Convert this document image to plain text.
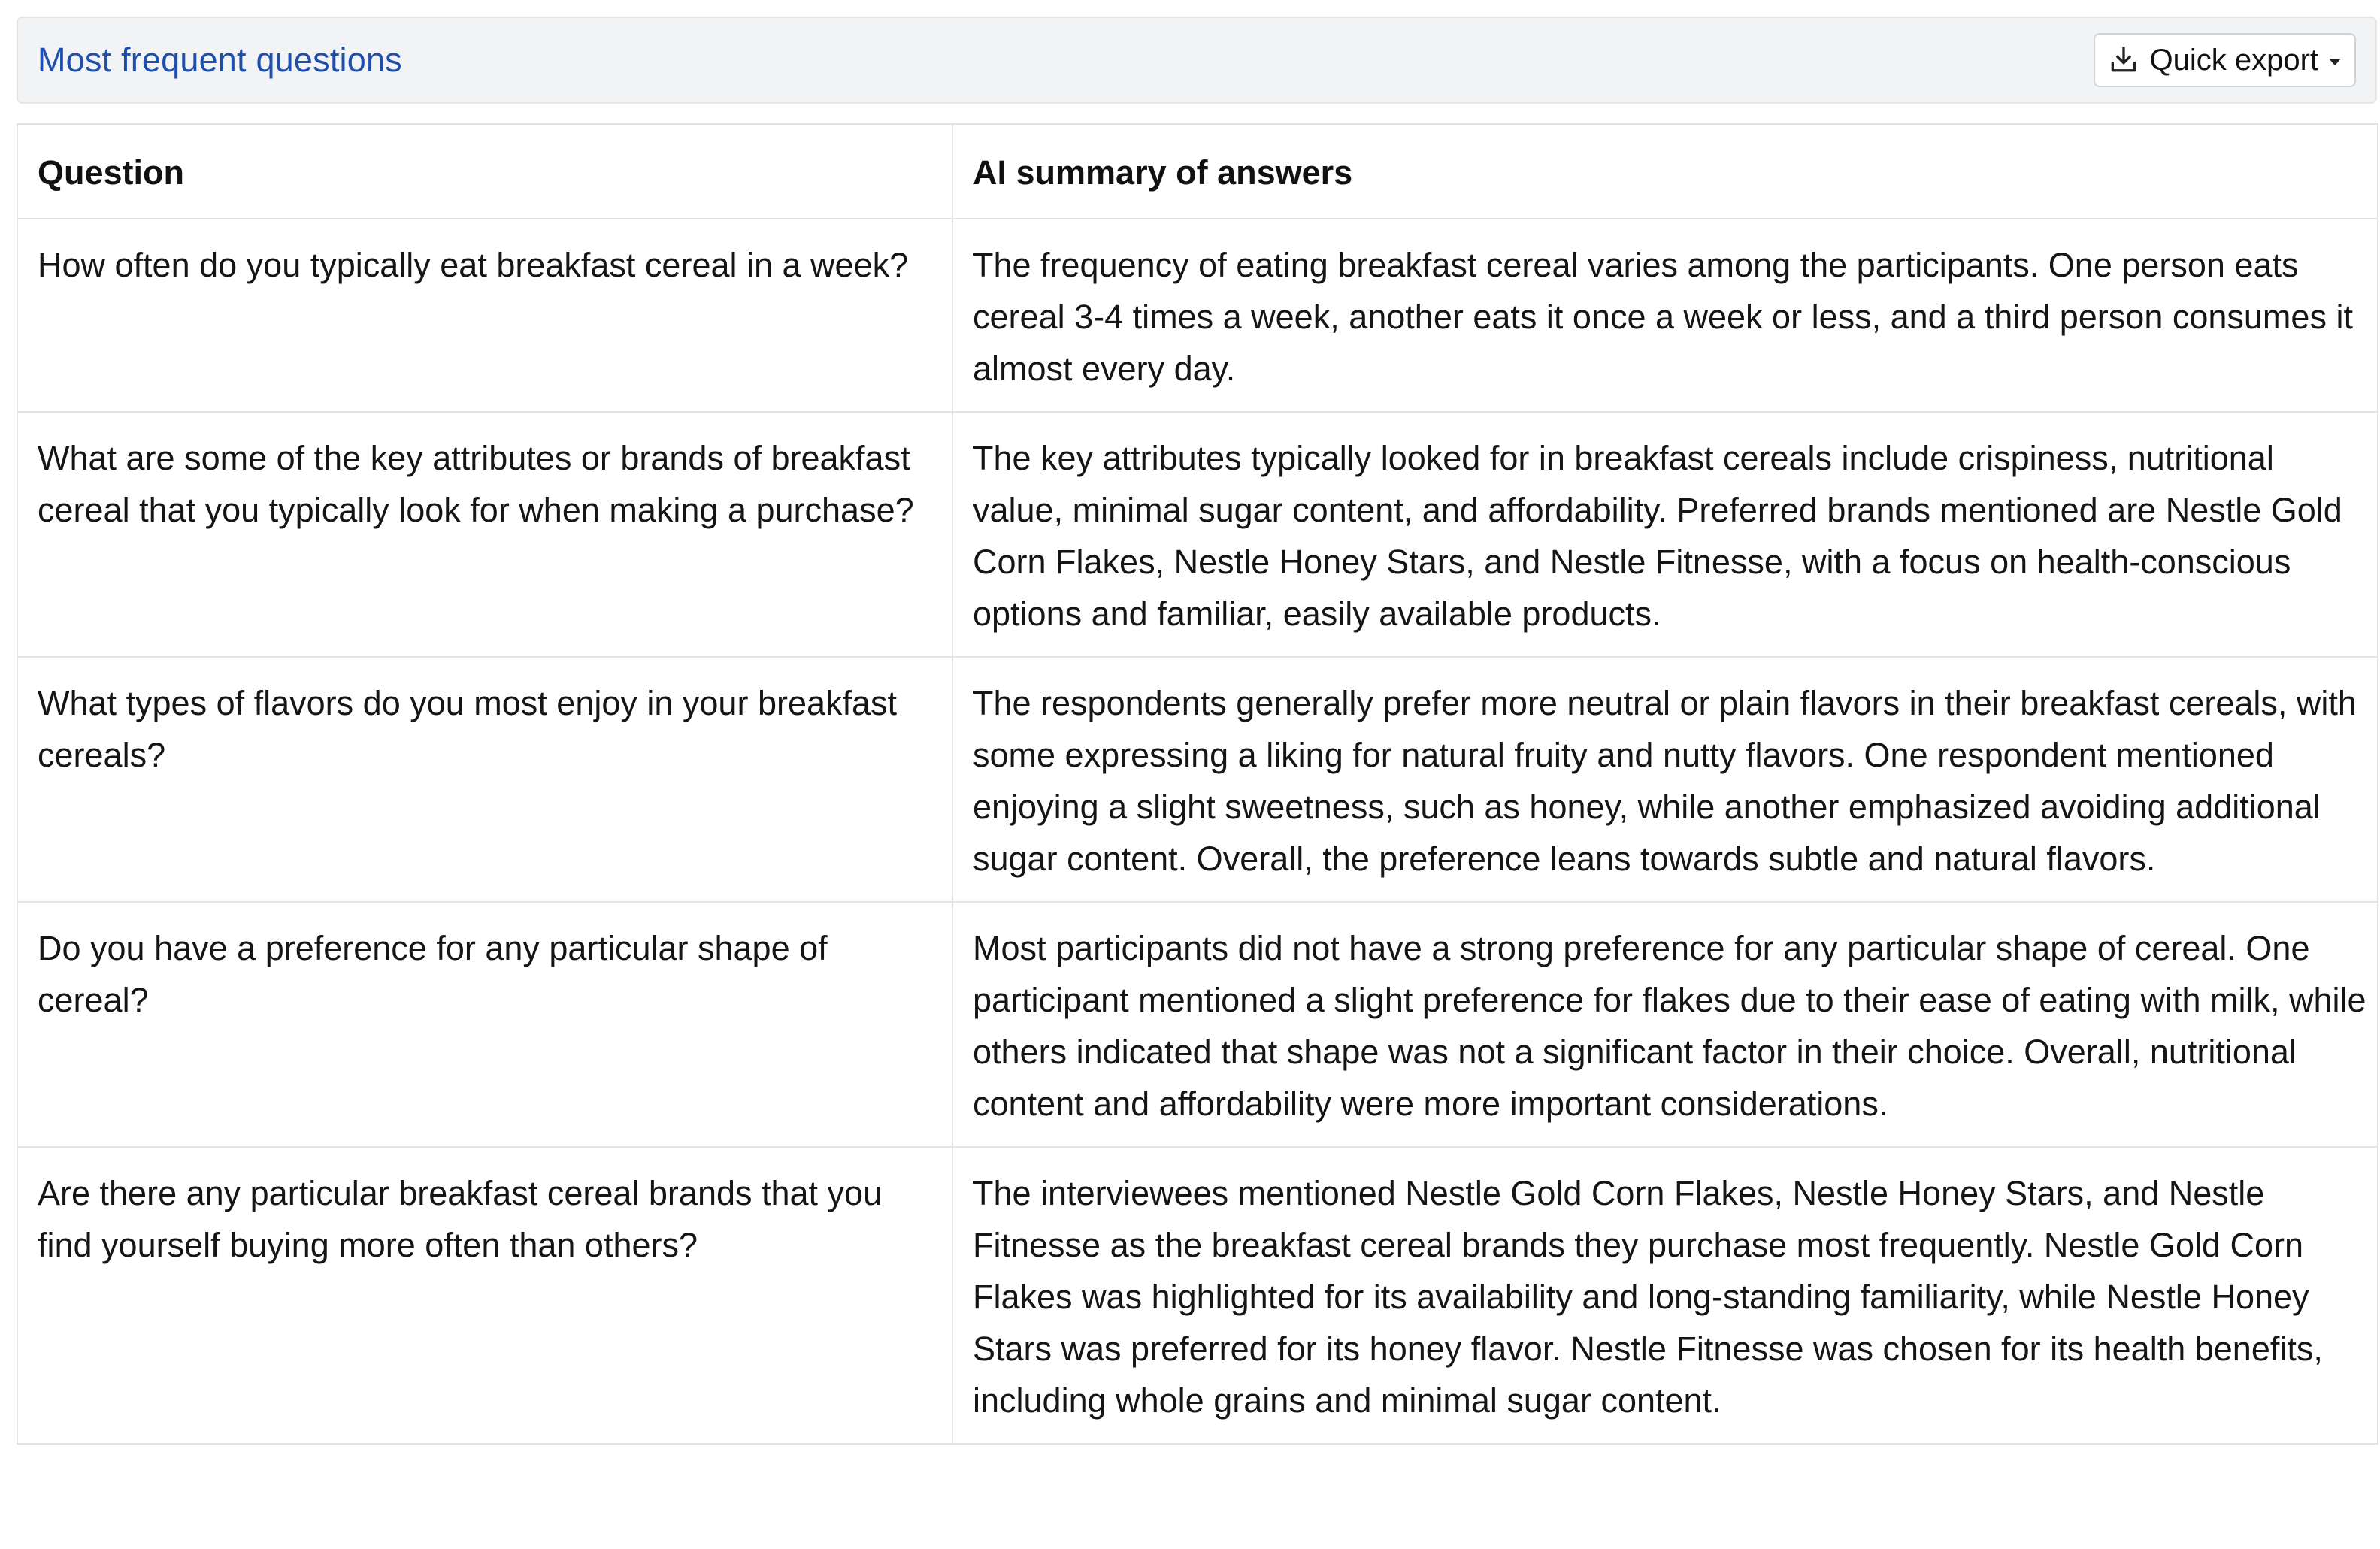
Most frequent questions	Quick export
Question	AI summary of answers
How often do you typically eat breakfast cereal in a week?	The frequency of eating breakfast cereal varies among the participants. One person eats cereal 3-4 times a week, another eats it once a week or less, and a third person consumes it almost every day.
What are some of the key attributes or brands of breakfast cereal that you typically look for when making a purchase?	The key attributes typically looked for in breakfast cereals include crispiness, nutritional value, minimal sugar content, and affordability. Preferred brands mentioned are Nestle Gold Corn Flakes, Nestle Honey Stars, and Nestle Fitnesse, with a focus on health-conscious options and familiar, easily available products.
What types of flavors do you most enjoy in your breakfast cereals?	The respondents generally prefer more neutral or plain flavors in their breakfast cereals, with some expressing a liking for natural fruity and nutty flavors. One respondent mentioned enjoying a slight sweetness, such as honey, while another emphasized avoiding additional sugar content. Overall, the preference leans towards subtle and natural flavors.
Do you have a preference for any particular shape of cereal?	Most participants did not have a strong preference for any particular shape of cereal. One participant mentioned a slight preference for flakes due to their ease of eating with milk, while others indicated that shape was not a significant factor in their choice. Overall, nutritional content and affordability were more important considerations.
Are there any particular breakfast cereal brands that you find yourself buying more often than others?	The interviewees mentioned Nestle Gold Corn Flakes, Nestle Honey Stars, and Nestle Fitnesse as the breakfast cereal brands they purchase most frequently. Nestle Gold Corn Flakes was highlighted for its availability and long-standing familiarity, while Nestle Honey Stars was preferred for its honey flavor. Nestle Fitnesse was chosen for its health benefits, including whole grains and minimal sugar content.
